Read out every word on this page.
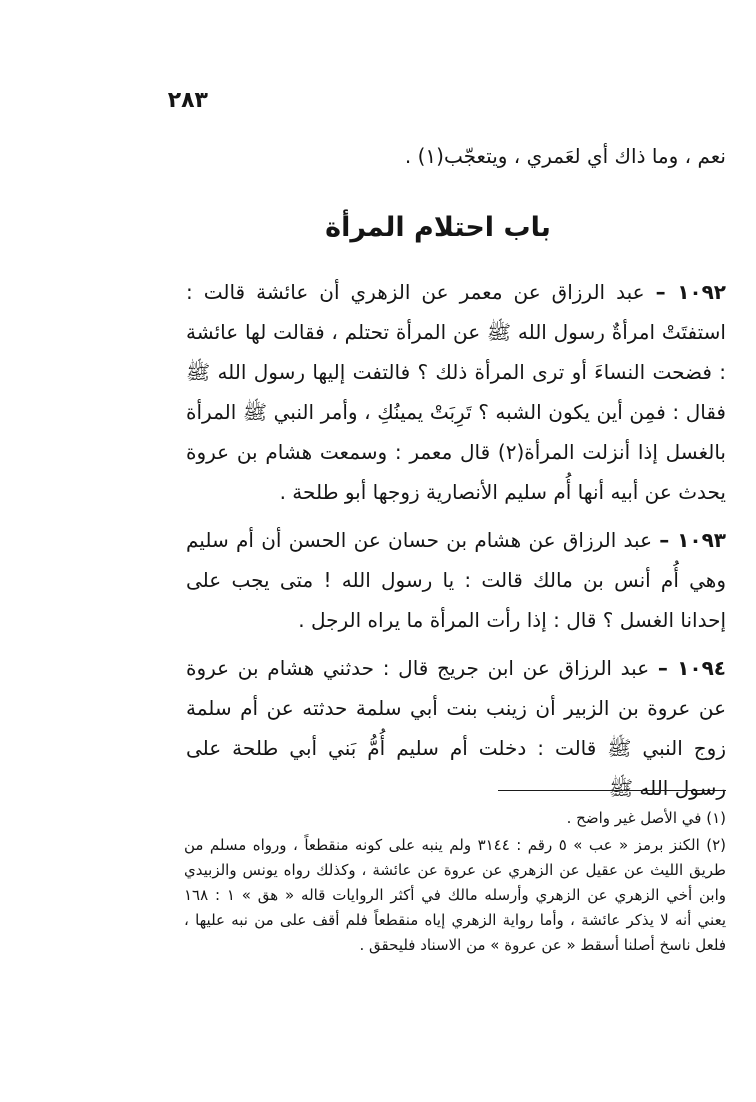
٢٨٣

نعم ، وما ذاك أي لعَمري ، ويتعجّب(١) .

باب احتلام المرأة

١٠٩٢ – عبد الرزاق عن معمر عن الزهري أن عائشة قالت : استفتَتْ امرأةٌ رسول الله ﷺ عن المرأة تحتلم ، فقالت لها عائشة : فضحت النساءَ أو ترى المرأة ذلك ؟ فالتفت إليها رسول الله ﷺ فقال : فمِن أين يكون الشبه ؟ تَرِبَتْ يمينُكِ ، وأمر النبي ﷺ المرأة بالغسل إذا أنزلت المرأة(٢) قال معمر : وسمعت هشام بن عروة يحدث عن أبيه أنها أُم سليم الأنصارية زوجها أبو طلحة .

١٠٩٣ – عبد الرزاق عن هشام بن حسان عن الحسن أن أم سليم وهي أُم أنس بن مالك قالت : يا رسول الله ! متى يجب على إحدانا الغسل ؟ قال : إذا رأت المرأة ما يراه الرجل .

١٠٩٤ – عبد الرزاق عن ابن جريج قال : حدثني هشام بن عروة عن عروة بن الزبير أن زينب بنت أبي سلمة حدثته عن أم سلمة زوج النبي ﷺ قالت : دخلت أم سليم أُمُّ بَني أبي طلحة على رسول الله ﷺ

(١) في الأصل غير واضح .

(٢) الكنز برمز « عب » ٥ رقم : ٣١٤٤ ولم ينبه على كونه منقطعاً ، ورواه مسلم من طريق الليث عن عقيل عن الزهري عن عروة عن عائشة ، وكذلك رواه يونس والزبيدي وابن أخي الزهري عن الزهري وأرسله مالك في أكثر الروايات قاله « هق » ١ : ١٦٨ يعني أنه لا يذكر عائشة ، وأما رواية الزهري إياه منقطعاً فلم أقف على من نبه عليها ، فلعل ناسخ أصلنا أسقط « عن عروة » من الاسناد فليحقق .
